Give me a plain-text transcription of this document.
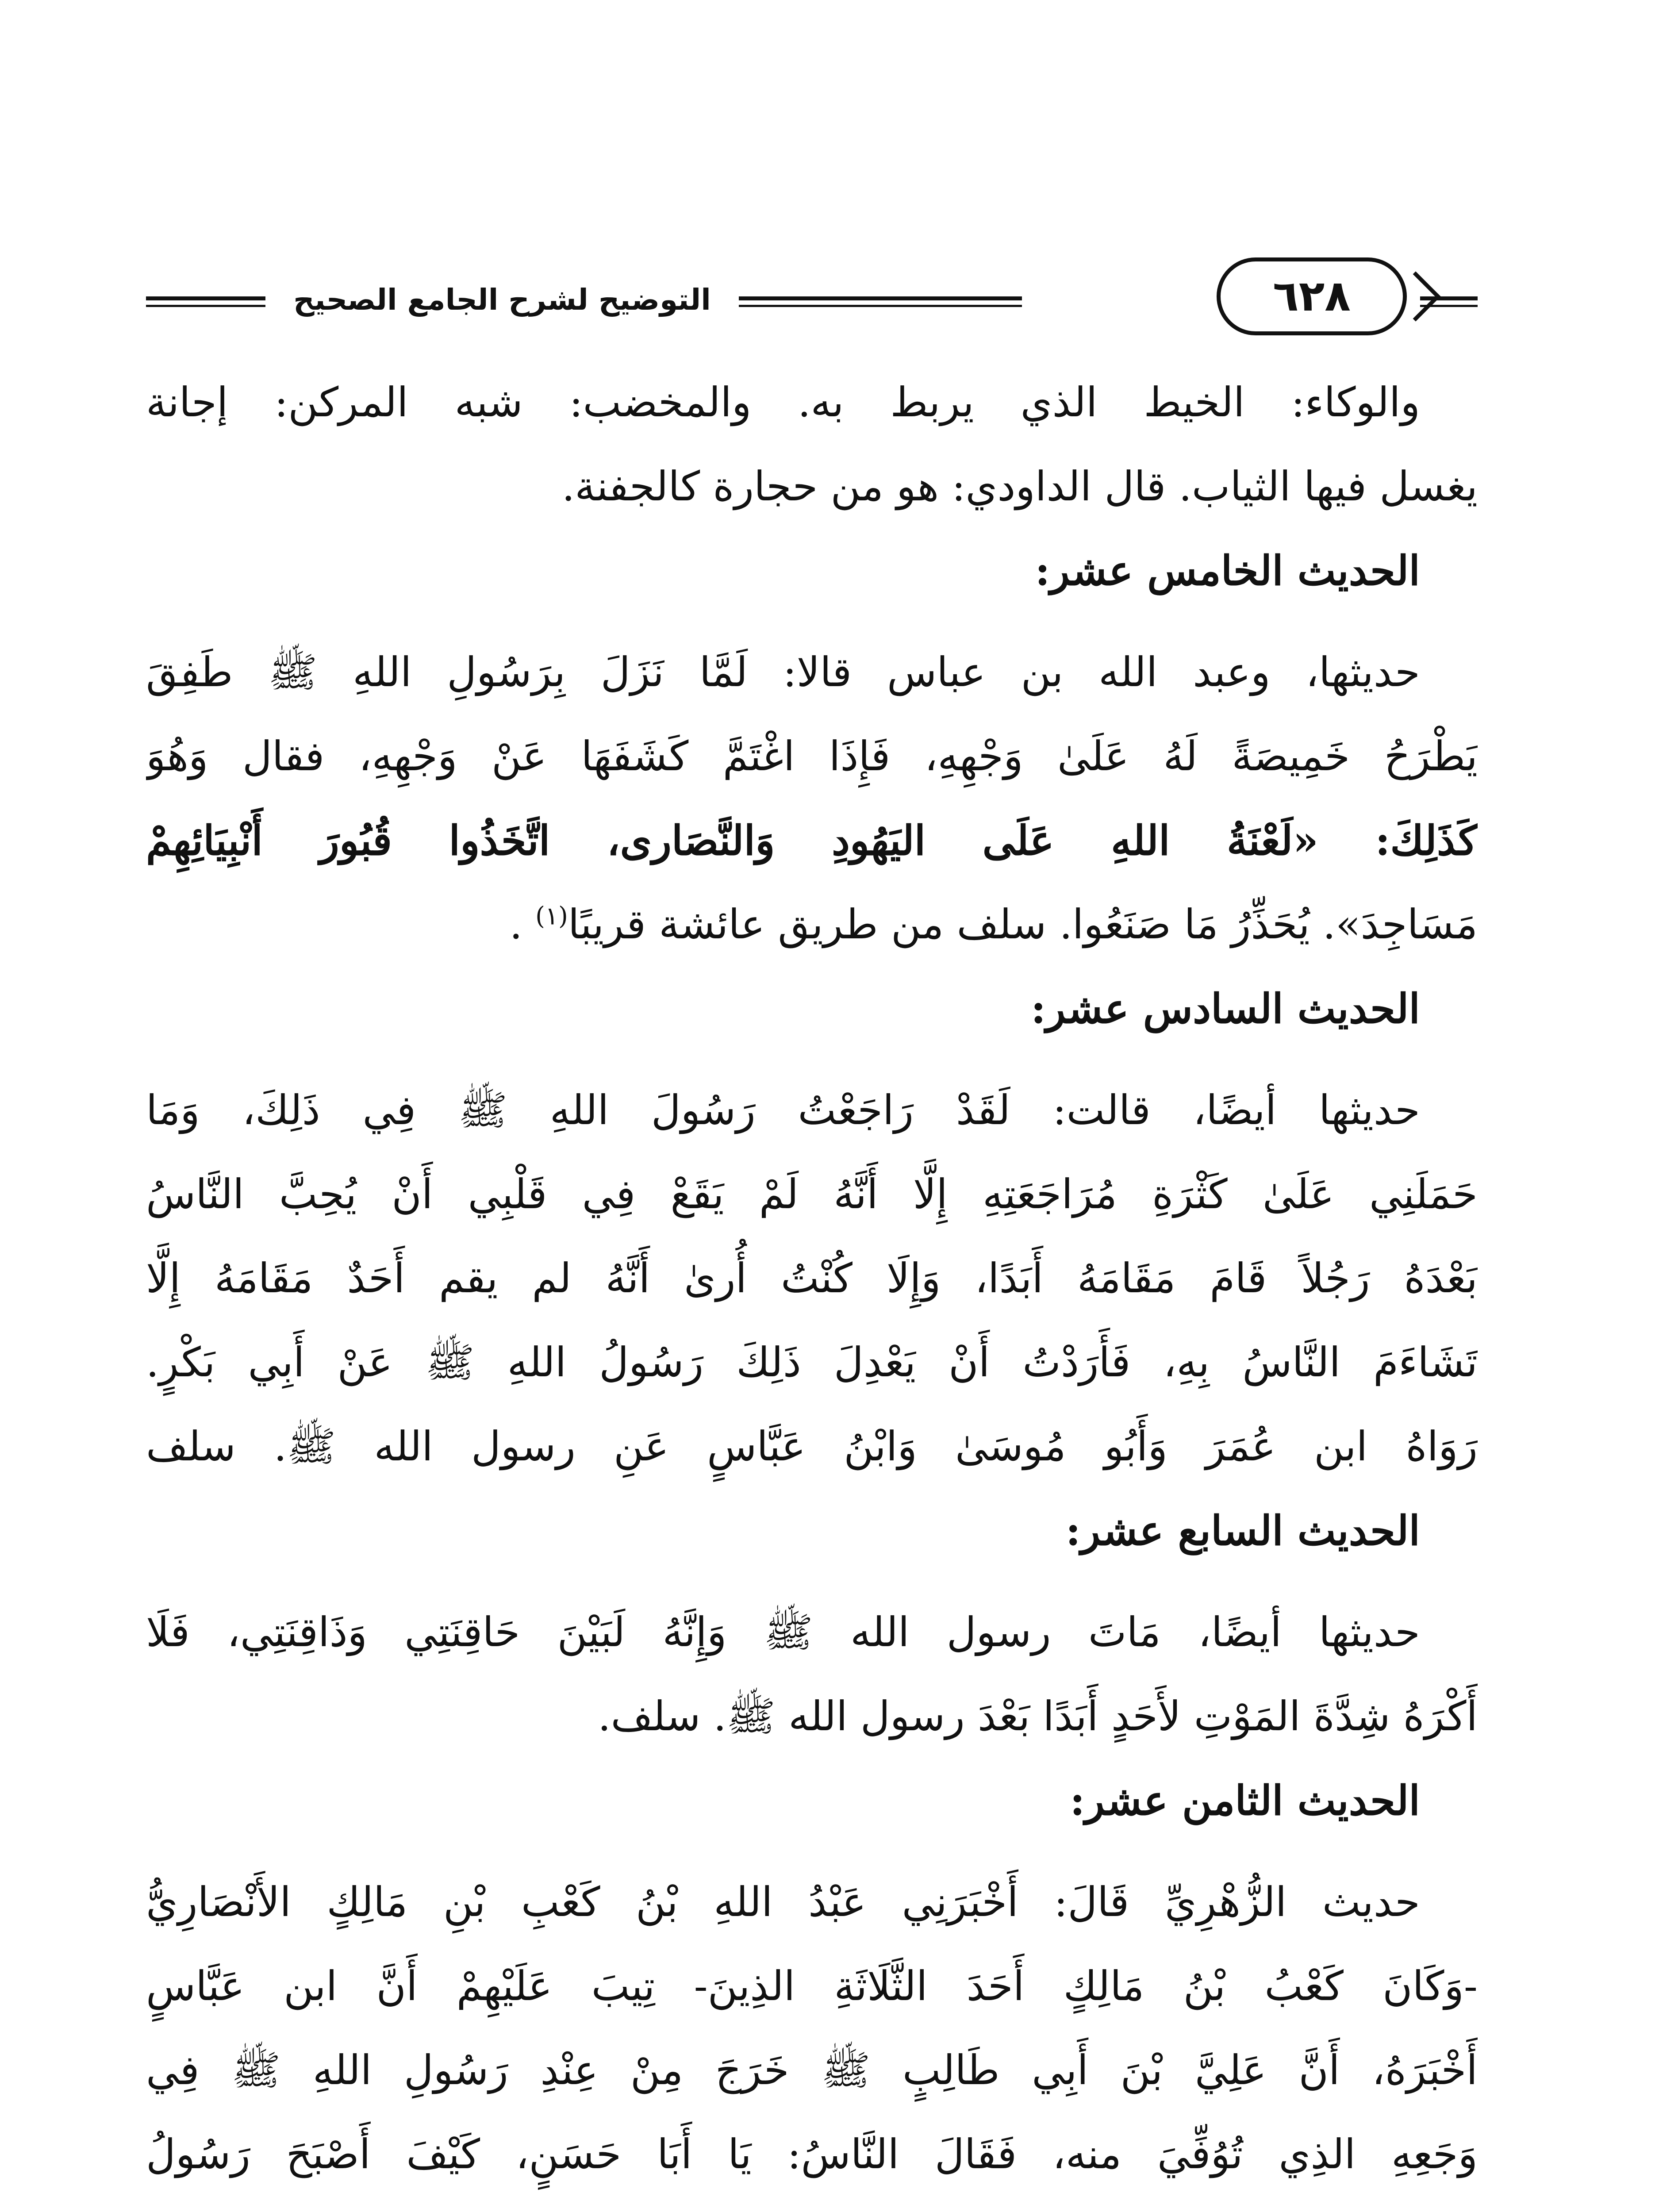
التوضيح لشرح الجامع الصحيح	٦٢٨
والوكاء: الخيط الذي يربط به. والمخضب: شبه المركن: إجانة
يغسل فيها الثياب. قال الداودي: هو من حجارة كالجفنة.
الحديث الخامس عشر:
حديثها، وعبد الله بن عباس قالا: لَمَّا نَزَلَ بِرَسُولِ اللهِ ﷺ طَفِقَ
يَطْرَحُ خَمِيصَةً لَهُ عَلَىٰ وَجْهِهِ، فَإِذَا اغْتَمَّ كَشَفَهَا عَنْ وَجْهِهِ، فقال وَهُوَ
كَذَلِكَ: «لَعْنَةُ اللهِ عَلَى اليَهُودِ وَالنَّصَارى، اتَّخَذُوا قُبُورَ أَنْبِيَائِهِمْ
مَسَاجِدَ». يُحَذِّرُ مَا صَنَعُوا. سلف من طريق عائشة قريبًا$^{(١)}$ .
الحديث السادس عشر:
حديثها أيضًا، قالت: لَقَدْ رَاجَعْتُ رَسُولَ اللهِ ﷺ فِي ذَلِكَ، وَمَا
حَمَلَنِي عَلَىٰ كَثْرَةِ مُرَاجَعَتِهِ إِلَّا أَنَّهُ لَمْ يَقَعْ فِي قَلْبِي أَنْ يُحِبَّ النَّاسُ
بَعْدَهُ رَجُلاً قَامَ مَقَامَهُ أَبَدًا، وَإِلَا كُنْتُ أُرىٰ أَنَّهُ لم يقم أَحَدٌ مَقَامَهُ إِلَّا
تَشَاءَمَ النَّاسُ بِهِ، فَأَرَدْتُ أَنْ يَعْدِلَ ذَلِكَ رَسُولُ اللهِ ﷺ عَنْ أَبِي بَكْرٍ.
رَوَاهُ ابن عُمَرَ وَأَبُو مُوسَىٰ وَابْنُ عَبَّاسٍ عَنِ رسول الله ﷺ. سلف
الحديث السابع عشر:
حديثها أيضًا، مَاتَ رسول الله ﷺ وَإِنَّهُ لَبَيْنَ حَاقِنَتِي وَذَاقِنَتِي، فَلَا
أَكْرَهُ شِدَّةَ المَوْتِ لأَحَدٍ أَبَدًا بَعْدَ رسول الله ﷺ. سلف.
الحديث الثامن عشر:
حديث الزُّهْرِيِّ قَالَ: أَخْبَرَنِي عَبْدُ اللهِ بْنُ كَعْبِ بْنِ مَالِكٍ الأَنْصَارِيُّ
-وَكَانَ كَعْبُ بْنُ مَالِكٍ أَحَدَ الثَّلَاثَةِ الذِينَ- تِيبَ عَلَيْهِمْ أَنَّ ابن عَبَّاسٍ
أَخْبَرَهُ، أَنَّ عَلِيَّ بْنَ أَبِي طَالِبٍ ﷺ خَرَجَ مِنْ عِنْدِ رَسُولِ اللهِ ﷺ فِي
وَجَعِهِ الذِي تُوُفِّيَ منه، فَقَالَ النَّاسُ: يَا أَبَا حَسَنٍ، كَيْفَ أَصْبَحَ رَسُولُ
